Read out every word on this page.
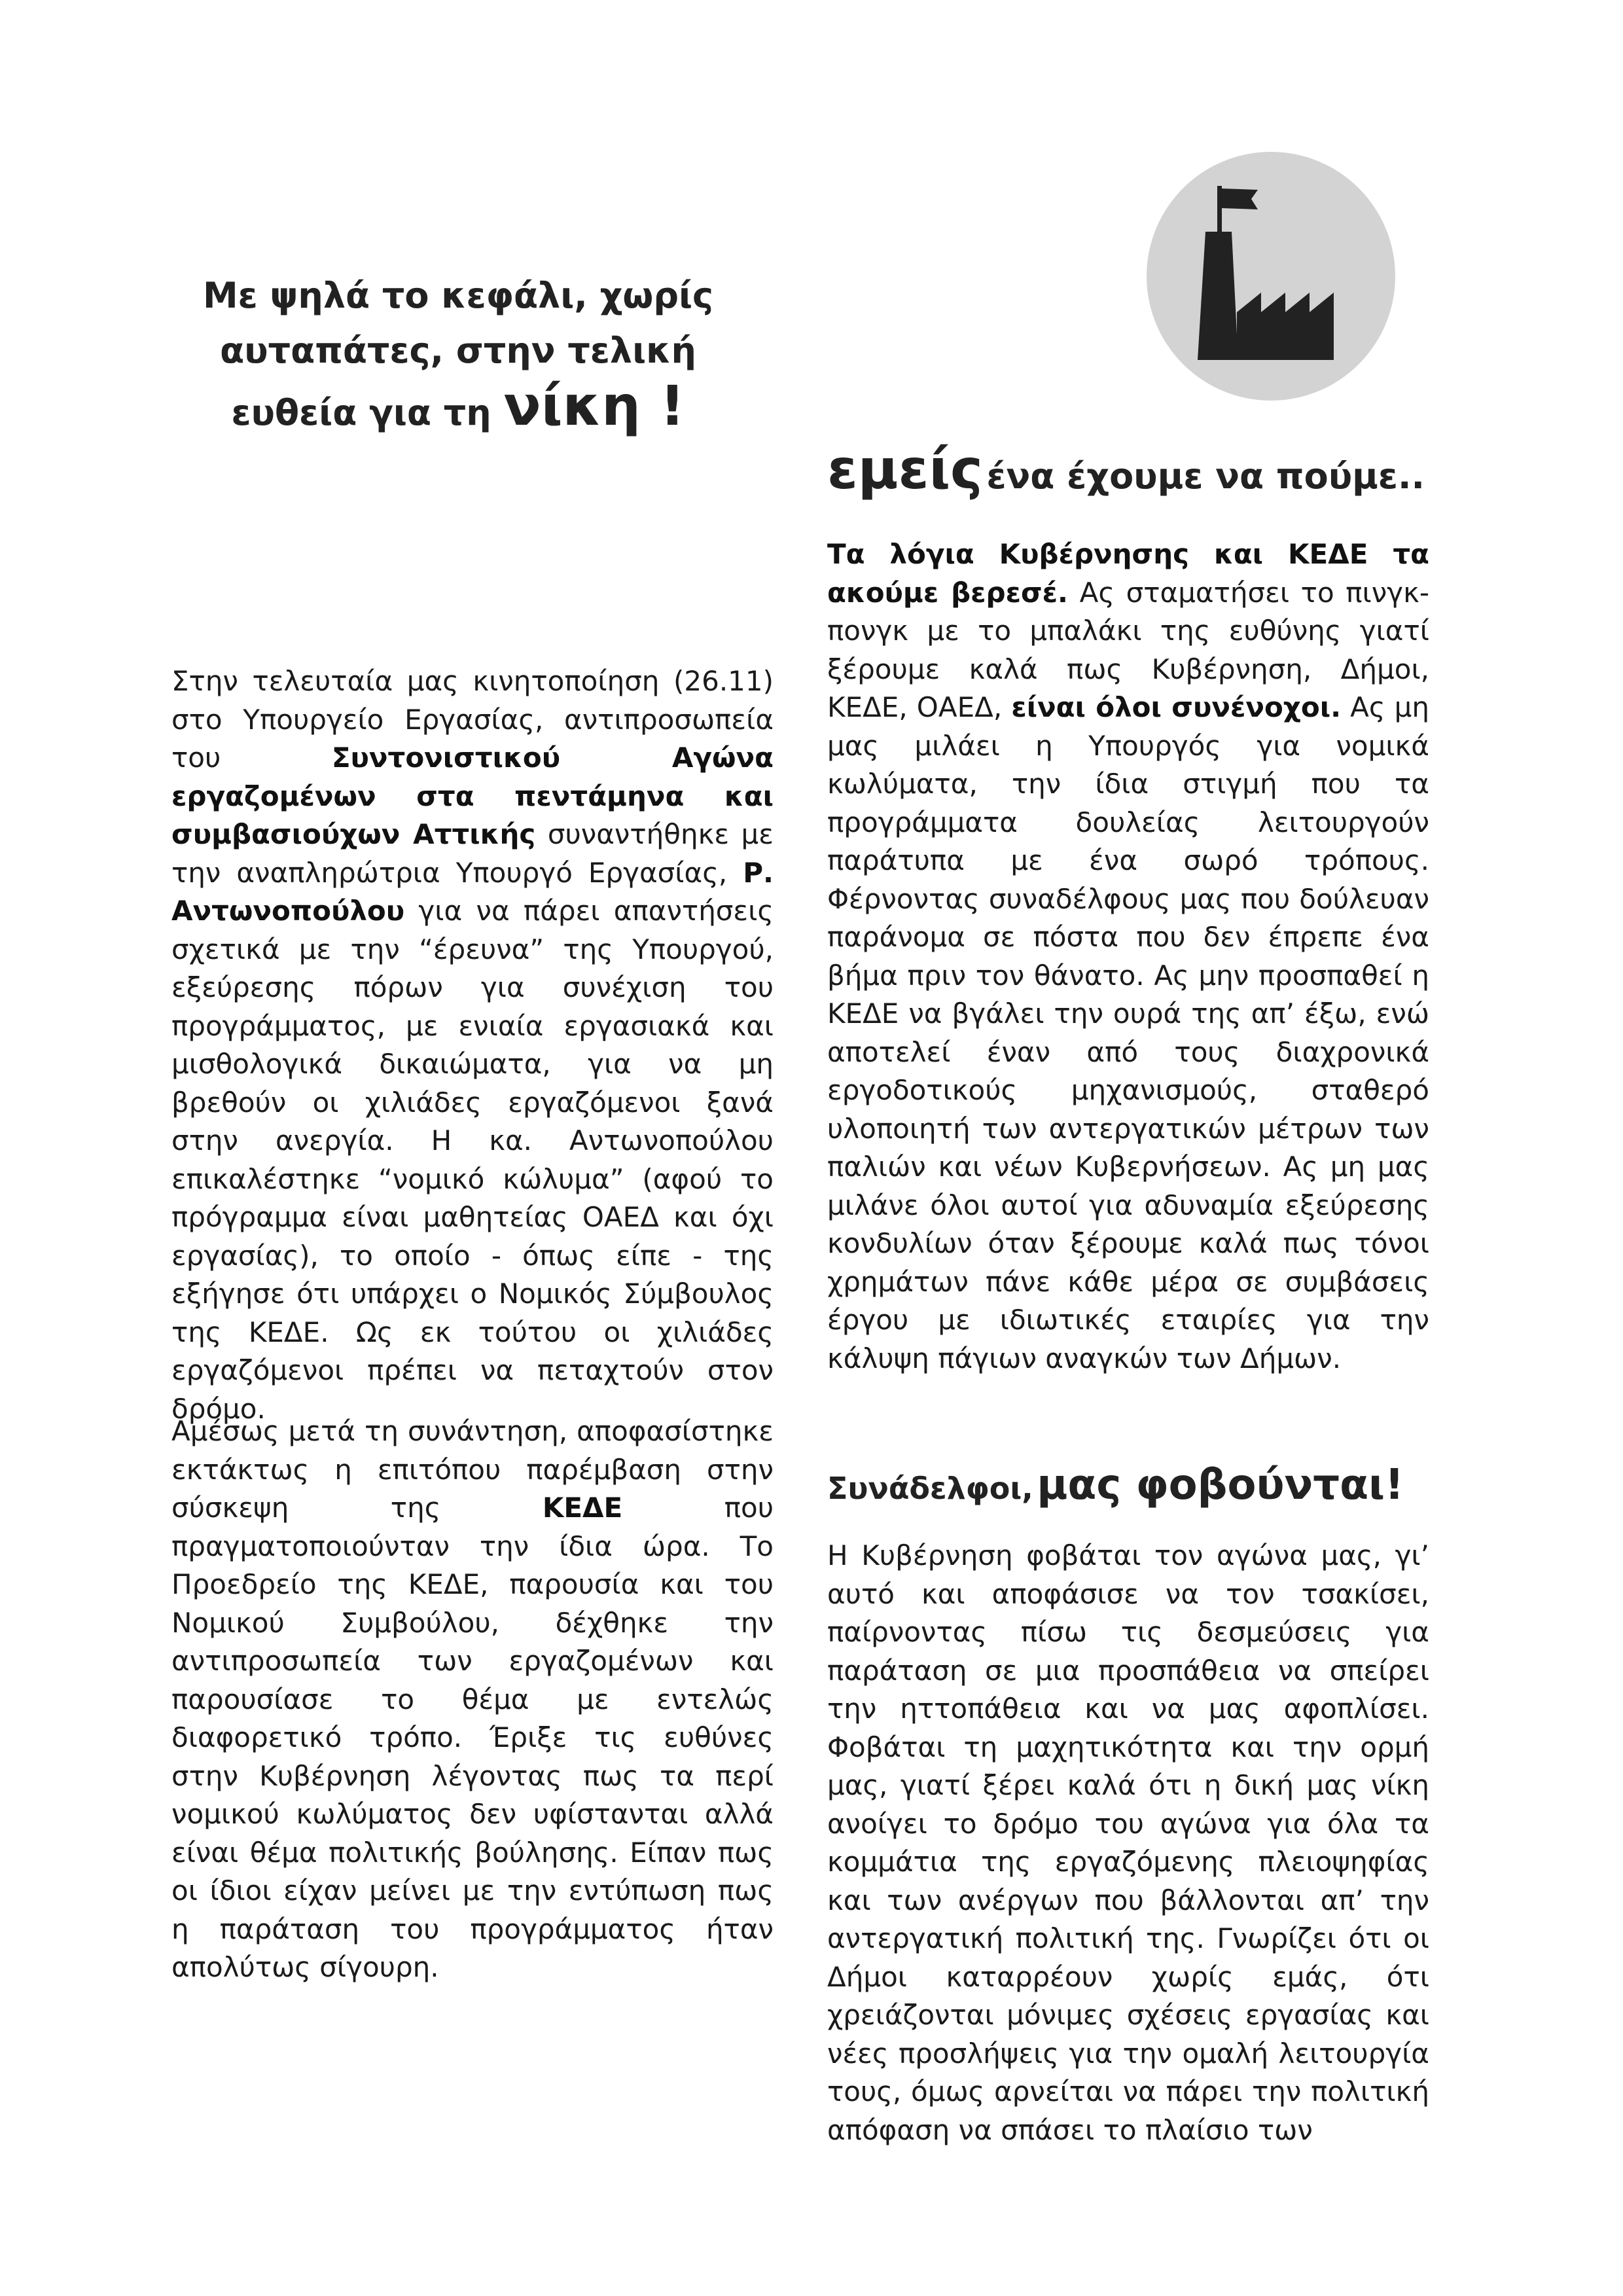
Με ψηλά το κεφάλι, χωρίς
αυταπάτες, στην τελική
ευθεία για τη νίκη !

Στην τελευταία μας κινητοποίηση (26.11) στο Υπουργείο Εργασίας, αντιπροσωπεία του Συντονιστικού Αγώνα εργαζομένων στα πεντάμηνα και συμβασιούχων Αττικής συναντήθηκε με την αναπληρώτρια Υπουργό Εργασίας, Ρ. Αντωνοπούλου για να πάρει απαντήσεις σχετικά με την “έρευνα” της Υπουργού, εξεύρεσης πόρων για συνέχιση του προγράμματος, με ενιαία εργασιακά και μισθολογικά δικαιώματα, για να μη βρεθούν οι χιλιάδες εργαζόμενοι ξανά στην ανεργία. Η κα. Αντωνοπούλου επικαλέστηκε “νομικό κώλυμα” (αφού το πρόγραμμα είναι μαθητείας ΟΑΕΔ και όχι εργασίας), το οποίο - όπως είπε - της εξήγησε ότι υπάρχει ο Νομικός Σύμβουλος της ΚΕΔΕ. Ως εκ τούτου οι χιλιάδες εργαζόμενοι πρέπει να πεταχτούν στον δρόμο.

Αμέσως μετά τη συνάντηση, αποφασίστηκε εκτάκτως η επιτόπου παρέμβαση στην σύσκεψη της ΚΕΔΕ που πραγματοποιούνταν την ίδια ώρα. Το Προεδρείο της ΚΕΔΕ, παρουσία και του Νομικού Συμβούλου, δέχθηκε την αντιπροσωπεία των εργαζομένων και παρουσίασε το θέμα με εντελώς διαφορετικό τρόπο. Έριξε τις ευθύνες στην Κυβέρνηση λέγοντας πως τα περί νομικού κωλύματος δεν υφίστανται αλλά είναι θέμα πολιτικής βούλησης. Είπαν πως οι ίδιοι είχαν μείνει με την εντύπωση πως η παράταση του προγράμματος ήταν απολύτως σίγουρη.

εμείς ένα έχουμε να πούμε..

Τα λόγια Κυβέρνησης και ΚΕΔΕ τα ακούμε βερεσέ. Ας σταματήσει το πινγκ-πονγκ με το μπαλάκι της ευθύνης γιατί ξέρουμε καλά πως Κυβέρνηση, Δήμοι, ΚΕΔΕ, ΟΑΕΔ, είναι όλοι συνένοχοι. Ας μη μας μιλάει η Υπουργός για νομικά κωλύματα, την ίδια στιγμή που τα προγράμματα δουλείας λειτουργούν παράτυπα με ένα σωρό τρόπους. Φέρνοντας συναδέλφους μας που δούλευαν παράνομα σε πόστα που δεν έπρεπε ένα βήμα πριν τον θάνατο. Ας μην προσπαθεί η ΚΕΔΕ να βγάλει την ουρά της απ’ έξω, ενώ αποτελεί έναν από τους διαχρονικά εργοδοτικούς μηχανισμούς, σταθερό υλοποιητή των αντεργατικών μέτρων των παλιών και νέων Κυβερνήσεων. Ας μη μας μιλάνε όλοι αυτοί για αδυναμία εξεύρεσης κονδυλίων όταν ξέρουμε καλά πως τόνοι χρημάτων πάνε κάθε μέρα σε συμβάσεις έργου με ιδιωτικές εταιρίες για την κάλυψη πάγιων αναγκών των Δήμων.

Συνάδελφοι, μας φοβούνται!

Η Κυβέρνηση φοβάται τον αγώνα μας, γι’ αυτό και αποφάσισε να τον τσακίσει, παίρνοντας πίσω τις δεσμεύσεις για παράταση σε μια προσπάθεια να σπείρει την ηττοπάθεια και να μας αφοπλίσει. Φοβάται τη μαχητικότητα και την ορμή μας, γιατί ξέρει καλά ότι η δική μας νίκη ανοίγει το δρόμο του αγώνα για όλα τα κομμάτια της εργαζόμενης πλειοψηφίας και των ανέργων που βάλλονται απ’ την αντεργατική πολιτική της. Γνωρίζει ότι οι Δήμοι καταρρέουν χωρίς εμάς, ότι χρειάζονται μόνιμες σχέσεις εργασίας και νέες προσλήψεις για την ομαλή λειτουργία τους, όμως αρνείται να πάρει την πολιτική απόφαση να σπάσει το πλαίσιο των
